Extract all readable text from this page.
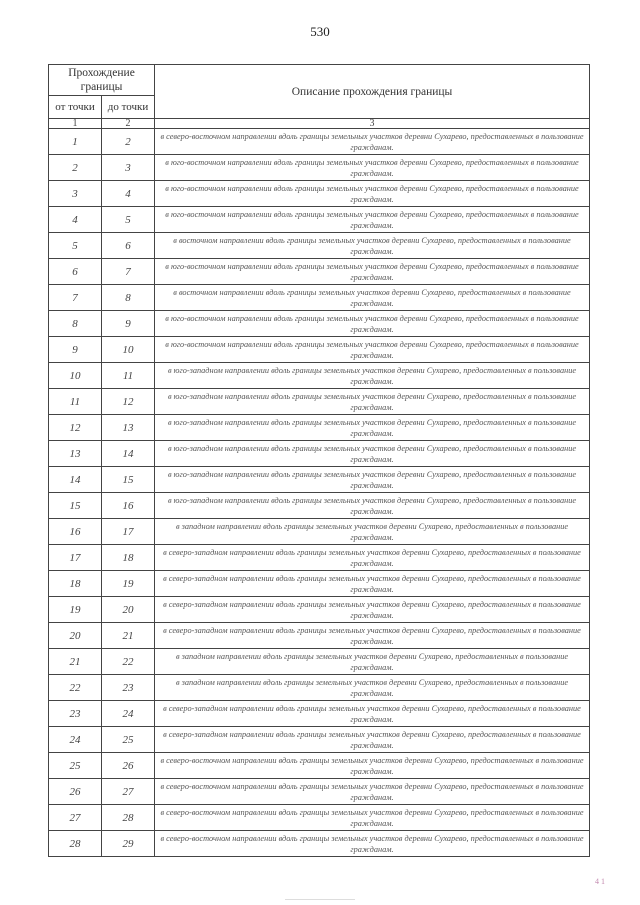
530
Прохождение границы		Описание прохождения границы
от точки	до точки	
1	2	3
1	2	в северо-восточном направлении вдоль границы земельных участков деревни Сухарево, предоставленных в пользование гражданам.
2	3	в юго-восточном направлении вдоль границы земельных участков деревни Сухарево, предоставленных в пользование гражданам.
3	4	в юго-восточном направлении вдоль границы земельных участков деревни Сухарево, предоставленных в пользование гражданам.
4	5	в юго-восточном направлении вдоль границы земельных участков деревни Сухарево, предоставленных в пользование гражданам.
5	6	в восточном направлении вдоль границы земельных участков деревни Сухарево, предоставленных в пользование гражданам.
6	7	в юго-восточном направлении вдоль границы земельных участков деревни Сухарево, предоставленных в пользование гражданам.
7	8	в восточном направлении вдоль границы земельных участков деревни Сухарево, предоставленных в пользование гражданам.
8	9	в юго-восточном направлении вдоль границы земельных участков деревни Сухарево, предоставленных в пользование гражданам.
9	10	в юго-восточном направлении вдоль границы земельных участков деревни Сухарево, предоставленных в пользование гражданам.
10	11	в юго-западном направлении вдоль границы земельных участков деревни Сухарево, предоставленных в пользование гражданам.
11	12	в юго-западном направлении вдоль границы земельных участков деревни Сухарево, предоставленных в пользование гражданам.
12	13	в юго-западном направлении вдоль границы земельных участков деревни Сухарево, предоставленных в пользование гражданам.
13	14	в юго-западном направлении вдоль границы земельных участков деревни Сухарево, предоставленных в пользование гражданам.
14	15	в юго-западном направлении вдоль границы земельных участков деревни Сухарево, предоставленных в пользование гражданам.
15	16	в юго-западном направлении вдоль границы земельных участков деревни Сухарево, предоставленных в пользование гражданам.
16	17	в западном направлении вдоль границы земельных участков деревни Сухарево, предоставленных в пользование гражданам.
17	18	в северо-западном направлении вдоль границы земельных участков деревни Сухарево, предоставленных в пользование гражданам.
18	19	в северо-западном направлении вдоль границы земельных участков деревни Сухарево, предоставленных в пользование гражданам.
19	20	в северо-западном направлении вдоль границы земельных участков деревни Сухарево, предоставленных в пользование гражданам.
20	21	в северо-западном направлении вдоль границы земельных участков деревни Сухарево, предоставленных в пользование гражданам.
21	22	в западном направлении вдоль границы земельных участков деревни Сухарево, предоставленных в пользование гражданам.
22	23	в западном направлении вдоль границы земельных участков деревни Сухарево, предоставленных в пользование гражданам.
23	24	в северо-западном направлении вдоль границы земельных участков деревни Сухарево, предоставленных в пользование гражданам.
24	25	в северо-западном направлении вдоль границы земельных участков деревни Сухарево, предоставленных в пользование гражданам.
25	26	в северо-восточном направлении вдоль границы земельных участков деревни Сухарево, предоставленных в пользование гражданам.
26	27	в северо-восточном направлении вдоль границы земельных участков деревни Сухарево, предоставленных в пользование гражданам.
27	28	в северо-восточном направлении вдоль границы земельных участков деревни Сухарево, предоставленных в пользование гражданам.
28	29	в северо-восточном направлении вдоль границы земельных участков деревни Сухарево, предоставленных в пользование гражданам.
4 1
